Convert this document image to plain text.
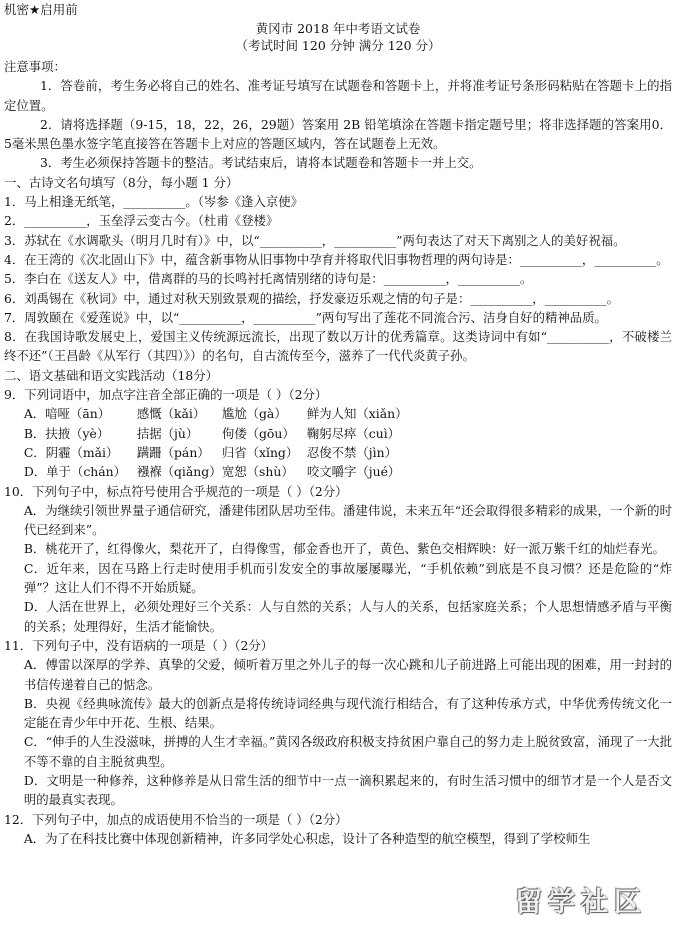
机密★启用前
黄冈市 2018 年中考语文试卷
（考试时间 120 分钟 满分 120 分）

注意事项：

1．答卷前，考生务必将自己的姓名、准考证号填写在试题卷和答题卡上，并将准考证号条形码粘贴在答题卡上的指定位置。

2．请将选择题（9-15，18，22，26，29题）答案用 2B 铅笔填涂在答题卡指定题号里；将非选择题的答案用0．5毫米黑色墨水签字笔直接答在答题卡上对应的答题区域内，答在试题卷上无效。

3．考生必须保持答题卡的整洁。考试结束后，请将本试题卷和答题卡一并上交。

一、古诗文名句填写（8分，每小题 1 分）

1．马上相逢无纸笔，__________。（岑参《逢入京使》

2．__________，玉垒浮云变古今。（杜甫《登楼》

3．苏轼在《水调歌头（明月几时有）》中，以“__________，__________”两句表达了对天下离别之人的美好祝福。

4．在王湾的《次北固山下》中，蕴含新事物从旧事物中孕育并将取代旧事物哲理的两句诗是：__________，__________。

5．李白在《送友人》中，借离群的马的长鸣衬托离情别绪的诗句是：__________，__________。

6．刘禹锡在《秋词》中，通过对秋天别致景观的描绘，抒发豪迈乐观之情的句子是：__________，__________。

7．周敦颐在《爱莲说》中，以“__________，__________”两句写出了莲花不同流合污、洁身自好的精神品质。

8．在我国诗歌发展史上，爱国主义传统源远流长，出现了数以万计的优秀篇章。这类诗词中有如“__________，不破楼兰终不还”（王昌龄《从军行（其四）》）的名句，自古流传至今，滋养了一代代炎黄子孙。

二、语文基础和语文实践活动（18分）

9．下列词语中，加点字注音全部正确的一项是（ ）（2分）

A．喑哑（ān）	感慨（kǎi）	尴尬（gà）	鲜为人知（xiǎn）
B．扶掖（yè）	拮据（jù）	佝偻（gōu） 鞠躬尽瘁（cuì）
C．阴霾（mǎi）	蹒跚（pán） 归省（xǐng） 忍俊不禁（jìn）
D．单于（chán） 襁褓（qiǎng） 宽恕（shù）	咬文嚼字（jué）

10．下列句子中，标点符号使用合乎规范的一项是（ ）（2分）

A．为继续引领世界量子通信研究，潘建伟团队居功至伟。潘建伟说，未来五年“还会取得很多精彩的成果，一个新的时代已经到来”。

B．桃花开了，红得像火，梨花开了，白得像雪，郁金香也开了，黄色、紫色交相辉映：好一派万紫千红的灿烂春光。

C．近年来，因在马路上行走时使用手机而引发安全的事故屡屡曝光，“手机依赖”到底是不良习惯？还是危险的“炸弹”？这让人们不得不开始质疑。

D．人活在世界上，必须处理好三个关系：人与自然的关系；人与人的关系，包括家庭关系；个人思想情感矛盾与平衡的关系；处理得好，生活才能愉快。

11．下列句子中，没有语病的一项是（ ）（2分）

A．傅雷以深厚的学养、真挚的父爱，倾听着万里之外儿子的每一次心跳和儿子前进路上可能出现的困难，用一封封的书信传递着自己的惦念。

B．央视《经典咏流传》最大的创新点是将传统诗词经典与现代流行相结合，有了这种传承方式，中华优秀传统文化一定能在青少年中开花、生根、结果。

C．“伸手的人生没滋味，拼搏的人生才幸福。”黄冈各级政府积极支持贫困户靠自己的努力走上脱贫致富，涌现了一大批不等不靠的自主脱贫典型。

D．文明是一种修养，这种修养是从日常生活的细节中一点一滴积累起来的，有时生活习惯中的细节才是一个人是否文明的最真实表现。

12．下列句子中，加点的成语使用不恰当的一项是（ ）（2分）

A．为了在科技比赛中体现创新精神，许多同学处心积虑，设计了各种造型的航空模型，得到了学校师生

留学社区
